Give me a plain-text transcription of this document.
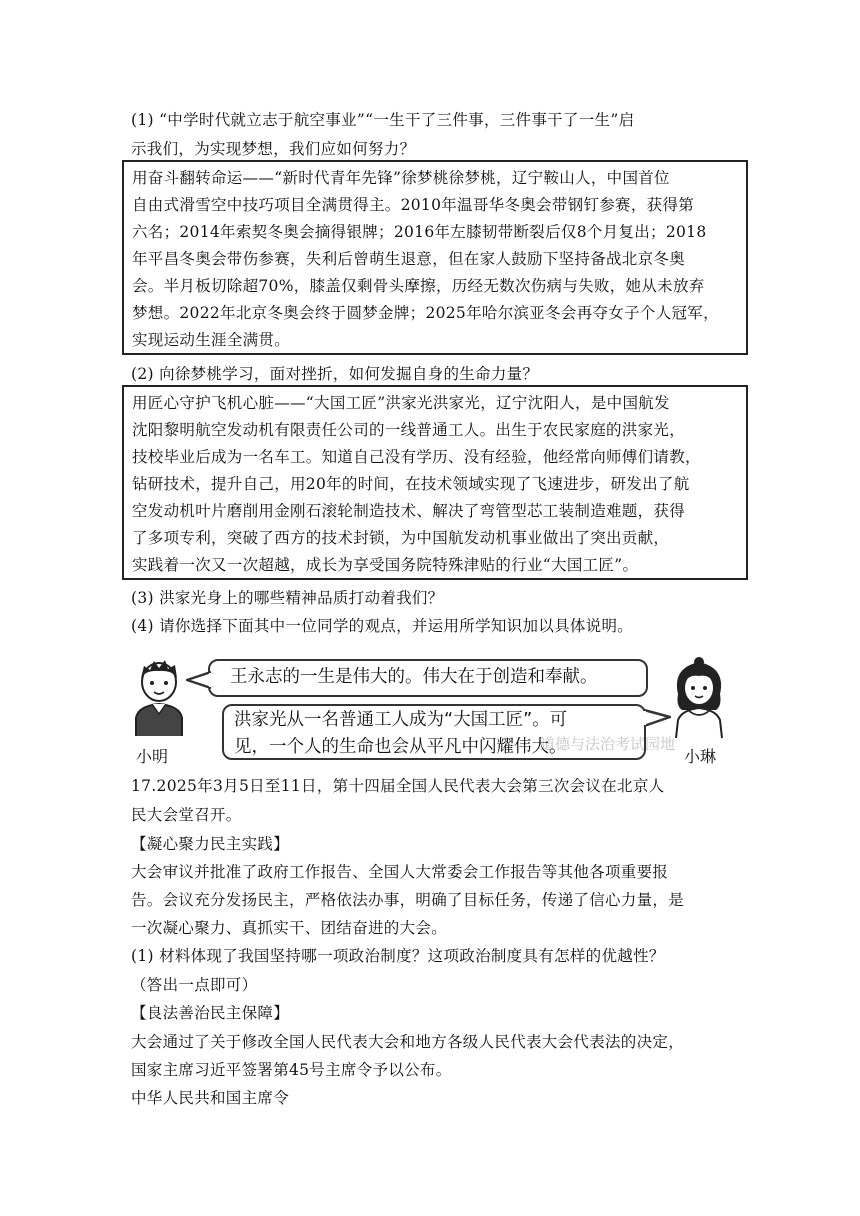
(1) “中学时代就立志于航空事业”“一生干了三件事，三件事干了一生”启
示我们，为实现梦想，我们应如何努力？
用奋斗翻转命运——“新时代青年先锋”徐梦桃徐梦桃，辽宁鞍山人，中国首位
自由式滑雪空中技巧项目全满贯得主。2010年温哥华冬奥会带钢钉参赛，获得第
六名；2014年索契冬奥会摘得银牌；2016年左膝韧带断裂后仅8个月复出；2018
年平昌冬奥会带伤参赛，失利后曾萌生退意，但在家人鼓励下坚持备战北京冬奥
会。半月板切除超70%，膝盖仅剩骨头摩擦，历经无数次伤病与失败，她从未放弃
梦想。2022年北京冬奥会终于圆梦金牌；2025年哈尔滨亚冬会再夺女子个人冠军，
实现运动生涯全满贯。
(2) 向徐梦桃学习，面对挫折，如何发掘自身的生命力量？
用匠心守护飞机心脏——“大国工匠”洪家光洪家光，辽宁沈阳人，是中国航发
沈阳黎明航空发动机有限责任公司的一线普通工人。出生于农民家庭的洪家光，
技校毕业后成为一名车工。知道自己没有学历、没有经验，他经常向师傅们请教，
钻研技术，提升自己，用20年的时间，在技术领域实现了飞速进步，研发出了航
空发动机叶片磨削用金刚石滚轮制造技术、解决了弯管型芯工装制造难题，获得
了多项专利，突破了西方的技术封锁，为中国航发动机事业做出了突出贡献，
实践着一次又一次超越，成长为享受国务院特殊津贴的行业“大国工匠”。
(3) 洪家光身上的哪些精神品质打动着我们？
(4) 请你选择下面其中一位同学的观点，并运用所学知识加以具体说明。
小明
王永志的一生是伟大的。伟大在于创造和奉献。
洪家光从一名普通工人成为“大国工匠”。可
见，一个人的生命也会从平凡中闪耀伟大。
道德与法治考试园地
小琳
17.2025年3月5日至11日，第十四届全国人民代表大会第三次会议在北京人
民大会堂召开。
【凝心聚力民主实践】
大会审议并批准了政府工作报告、全国人大常委会工作报告等其他各项重要报
告。会议充分发扬民主，严格依法办事，明确了目标任务，传递了信心力量，是
一次凝心聚力、真抓实干、团结奋进的大会。
(1) 材料体现了我国坚持哪一项政治制度？这项政治制度具有怎样的优越性？
（答出一点即可）
【良法善治民主保障】
大会通过了关于修改全国人民代表大会和地方各级人民代表大会代表法的决定，
国家主席习近平签署第45号主席令予以公布。
中华人民共和国主席令
